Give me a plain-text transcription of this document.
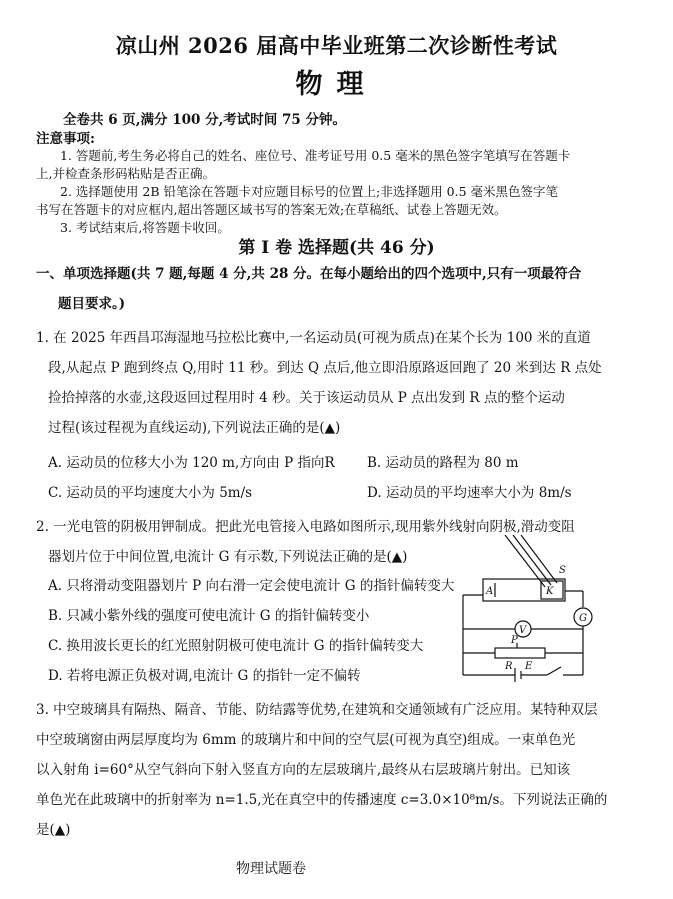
凉山州 2026 届高中毕业班第二次诊断性考试
物理
全卷共 6 页,满分 100 分,考试时间 75 分钟。
注意事项:
1. 答题前,考生务必将自己的姓名、座位号、准考证号用 0.5 毫米的黑色签字笔填写在答题卡
上,并检查条形码粘贴是否正确。
2. 选择题使用 2B 铅笔涂在答题卡对应题目标号的位置上;非选择题用 0.5 毫米黑色签字笔
书写在答题卡的对应框内,超出答题区域书写的答案无效;在草稿纸、试卷上答题无效。
3. 考试结束后,将答题卡收回。
第 Ⅰ 卷 选择题(共 46 分)
一、单项选择题(共 7 题,每题 4 分,共 28 分。在每小题给出的四个选项中,只有一项最符合
题目要求。)
1. 在 2025 年西昌邛海湿地马拉松比赛中,一名运动员(可视为质点)在某个长为 100 米的直道
段,从起点 P 跑到终点 Q,用时 11 秒。到达 Q 点后,他立即沿原路返回跑了 20 米到达 R 点处
捡拾掉落的水壶,这段返回过程用时 4 秒。关于该运动员从 P 点出发到 R 点的整个运动
过程(该过程视为直线运动),下列说法正确的是(▲)
A. 运动员的位移大小为 120 m,方向由 P 指向R B. 运动员的路程为 80 m
C. 运动员的平均速度大小为 5m/s	D. 运动员的平均速率大小为 8m/s
2. 一光电管的阴极用钾制成。把此光电管接入电路如图所示,现用紫外线射向阴极,滑动变阻
器划片位于中间位置,电流计 G 有示数,下列说法正确的是(▲)
A. 只将滑动变阻器划片 P 向右滑一定会使电流计 G 的指针偏转变大
B. 只减小紫外线的强度可使电流计 G 的指针偏转变小
C. 换用波长更长的红光照射阴极可使电流计 G 的指针偏转变大
D. 若将电源正负极对调,电流计 G 的指针一定不偏转
S
A	K
V
G
P
R E
3. 中空玻璃具有隔热、隔音、节能、防结露等优势,在建筑和交通领域有广泛应用。某特种双层
中空玻璃窗由两层厚度均为 6mm 的玻璃片和中间的空气层(可视为真空)组成。一束单色光
以入射角 i=60°从空气斜向下射入竖直方向的左层玻璃片,最终从右层玻璃片射出。已知该
单色光在此玻璃中的折射率为 n=1.5,光在真空中的传播速度 c=3.0×10⁸m/s。下列说法正确的
是(▲)
物理试题卷
